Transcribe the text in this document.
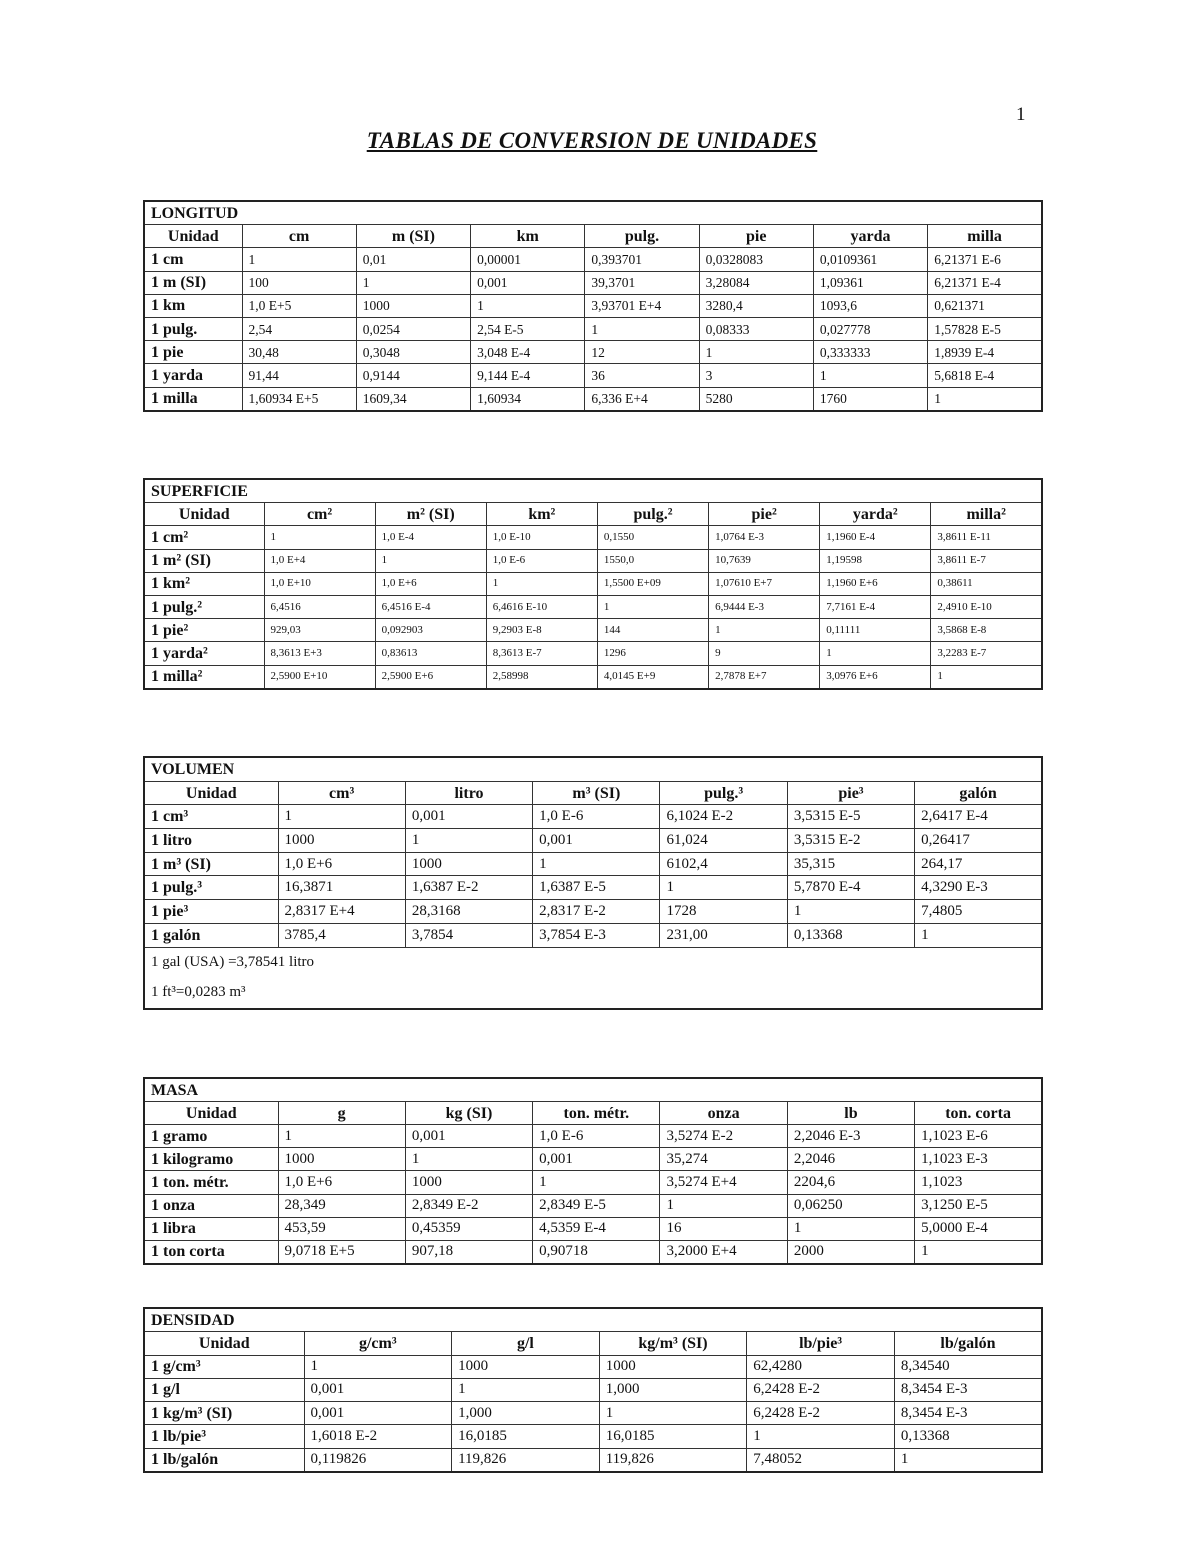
1
TABLAS DE CONVERSION DE UNIDADES
LONGITUD							
Unidad	cm	m (SI)	km	pulg.	pie	yarda	milla
1 cm	1	0,01	0,00001	0,393701	0,0328083	0,0109361	6,21371 E-6
1 m (SI)	100	1	0,001	39,3701	3,28084	1,09361	6,21371 E-4
1 km	1,0 E+5	1000	1	3,93701 E+4	3280,4	1093,6	0,621371
1 pulg.	2,54	0,0254	2,54 E-5	1	0,08333	0,027778	1,57828 E-5
1 pie	30,48	0,3048	3,048 E-4	12	1	0,333333	1,8939 E-4
1 yarda	91,44	0,9144	9,144 E-4	36	3	1	5,6818 E-4
1 milla	1,60934 E+5	1609,34	1,60934	6,336 E+4	5280	1760	1
SUPERFICIE							
Unidad	cm²	m² (SI)	km²	pulg.²	pie²	yarda²	milla²
1 cm²	1	1,0 E-4	1,0 E-10	0,1550	1,0764 E-3	1,1960 E-4	3,8611 E-11
1 m² (SI)	1,0 E+4	1	1,0 E-6	1550,0	10,7639	1,19598	3,8611 E-7
1 km²	1,0 E+10	1,0 E+6	1	1,5500 E+09	1,07610 E+7	1,1960 E+6	0,38611
1 pulg.²	6,4516	6,4516 E-4	6,4616 E-10	1	6,9444 E-3	7,7161 E-4	2,4910 E-10
1 pie²	929,03	0,092903	9,2903 E-8	144	1	0,11111	3,5868 E-8
1 yarda²	8,3613 E+3	0,83613	8,3613 E-7	1296	9	1	3,2283 E-7
1 milla²	2,5900 E+10	2,5900 E+6	2,58998	4,0145 E+9	2,7878 E+7	3,0976 E+6	1
VOLUMEN						
Unidad	cm³	litro	m³ (SI)	pulg.³	pie³	galón
1 cm³	1	0,001	1,0 E-6	6,1024 E-2	3,5315 E-5	2,6417 E-4
1 litro	1000	1	0,001	61,024	3,5315 E-2	0,26417
1 m³ (SI)	1,0 E+6	1000	1	6102,4	35,315	264,17
1 pulg.³	16,3871	1,6387 E-2	1,6387 E-5	1	5,7870 E-4	4,3290 E-3
1 pie³	2,8317 E+4	28,3168	2,8317 E-2	1728	1	7,4805
1 galón	3785,4	3,7854	3,7854 E-3	231,00	0,13368	1
1 gal (USA) =3,78541 litro						
1 ft³=0,0283 m³						
MASA						
Unidad	g	kg (SI)	ton. métr.	onza	lb	ton. corta
1 gramo	1	0,001	1,0 E-6	3,5274 E-2	2,2046 E-3	1,1023 E-6
1 kilogramo	1000	1	0,001	35,274	2,2046	1,1023 E-3
1 ton. métr.	1,0 E+6	1000	1	3,5274 E+4	2204,6	1,1023
1 onza	28,349	2,8349 E-2	2,8349 E-5	1	0,06250	3,1250 E-5
1 libra	453,59	0,45359	4,5359 E-4	16	1	5,0000 E-4
1 ton corta	9,0718 E+5	907,18	0,90718	3,2000 E+4	2000	1
DENSIDAD					
Unidad	g/cm³	g/l	kg/m³ (SI)	lb/pie³	lb/galón
1 g/cm³	1	1000	1000	62,4280	8,34540
1 g/l	0,001	1	1,000	6,2428 E-2	8,3454 E-3
1 kg/m³ (SI)	0,001	1,000	1	6,2428 E-2	8,3454 E-3
1 lb/pie³	1,6018 E-2	16,0185	16,0185	1	0,13368
1 lb/galón	0,119826	119,826	119,826	7,48052	1
